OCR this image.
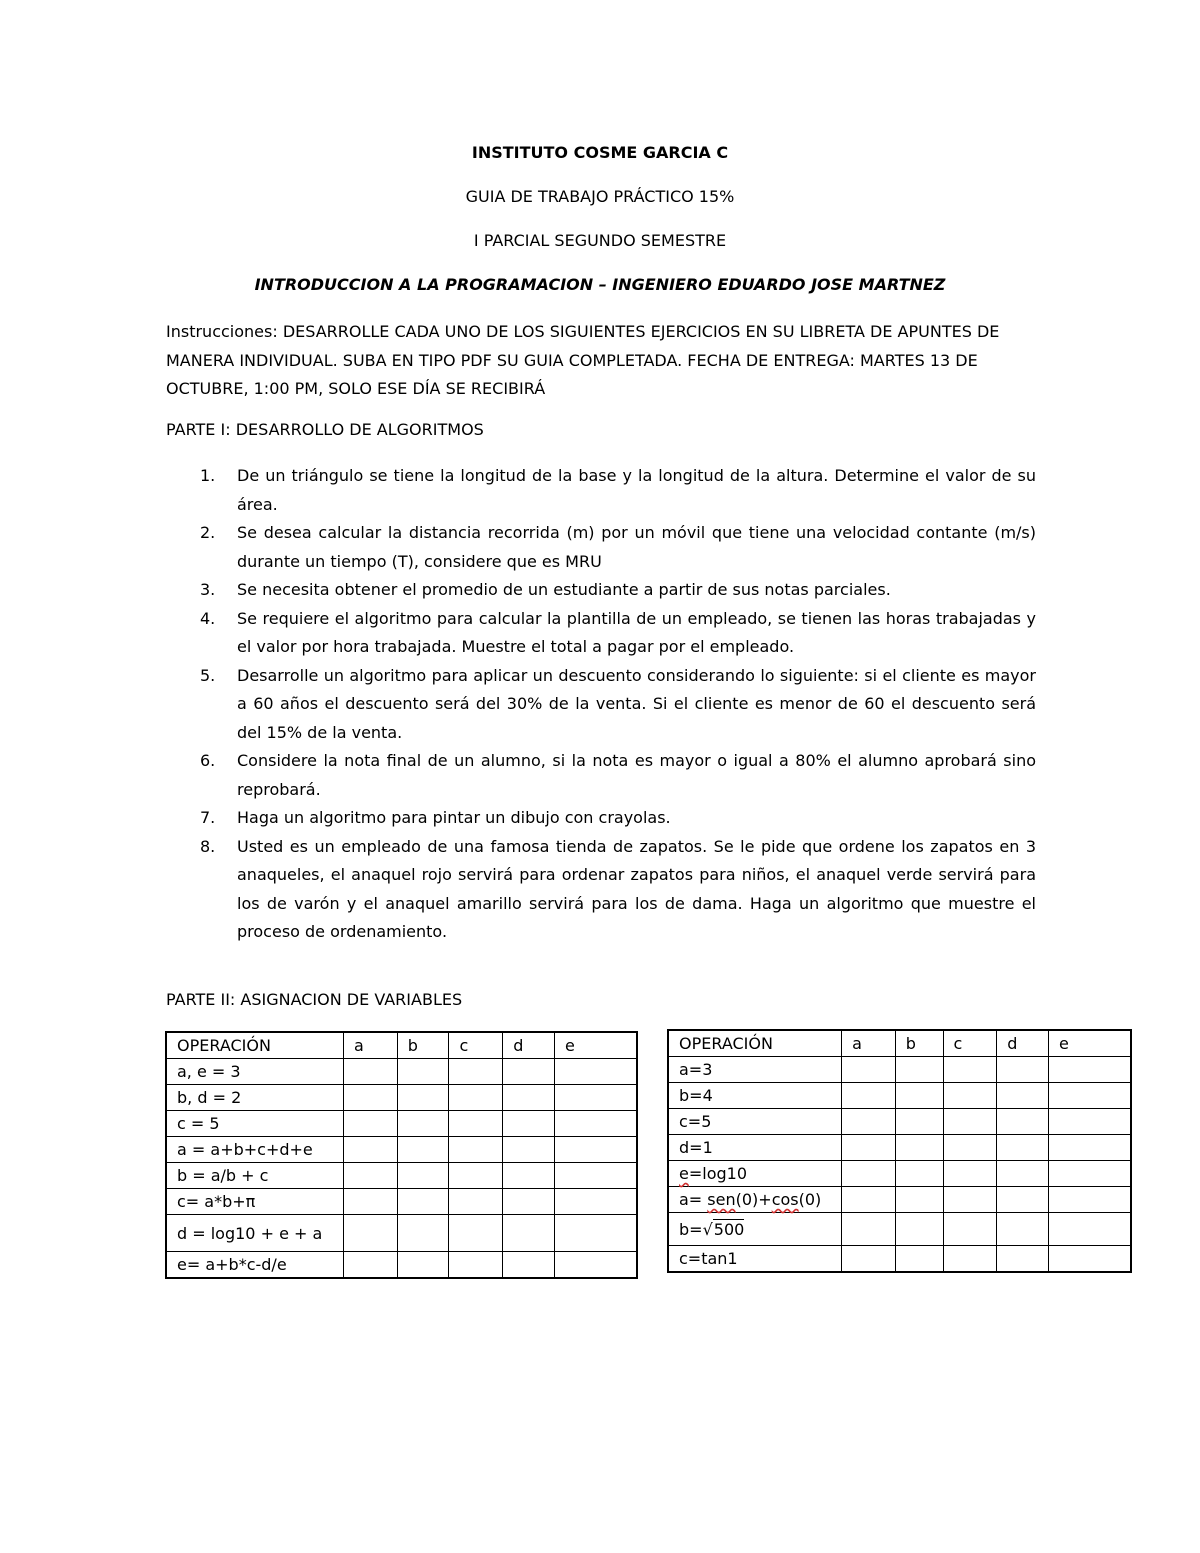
INSTITUTO COSME GARCIA C
GUIA DE TRABAJO PRÁCTICO 15%
I PARCIAL SEGUNDO SEMESTRE
INTRODUCCION A LA PROGRAMACION – INGENIERO EDUARDO JOSE MARTNEZ

Instrucciones: DESARROLLE CADA UNO DE LOS SIGUIENTES EJERCICIOS EN SU LIBRETA DE APUNTES DE MANERA INDIVIDUAL. SUBA EN TIPO PDF SU GUIA COMPLETADA. FECHA DE ENTREGA: MARTES 13 DE OCTUBRE, 1:00 PM, SOLO ESE DÍA SE RECIBIRÁ

PARTE I: DESARROLLO DE ALGORITMOS
1. De un triángulo se tiene la longitud de la base y la longitud de la altura. Determine el valor de su área.
2. Se desea calcular la distancia recorrida (m) por un móvil que tiene una velocidad contante (m/s) durante un tiempo (T), considere que es MRU
3. Se necesita obtener el promedio de un estudiante a partir de sus notas parciales.
4. Se requiere el algoritmo para calcular la plantilla de un empleado, se tienen las horas trabajadas y el valor por hora trabajada. Muestre el total a pagar por el empleado.
5. Desarrolle un algoritmo para aplicar un descuento considerando lo siguiente: si el cliente es mayor a 60 años el descuento será del 30% de la venta. Si el cliente es menor de 60 el descuento será del 15% de la venta.
6. Considere la nota final de un alumno, si la nota es mayor o igual a 80% el alumno aprobará sino reprobará.
7. Haga un algoritmo para pintar un dibujo con crayolas.
8. Usted es un empleado de una famosa tienda de zapatos. Se le pide que ordene los zapatos en 3 anaqueles, el anaquel rojo servirá para ordenar zapatos para niños, el anaquel verde servirá para los de varón y el anaquel amarillo servirá para los de dama. Haga un algoritmo que muestre el proceso de ordenamiento.
PARTE II: ASIGNACION DE VARIABLES
OPERACIÓN	a	b	c	d	e
a, e = 3					
b, d = 2					
c = 5					
a = a+b+c+d+e					
b = a/b + c					
c= a*b+π					
d = log10 + e + a					
e= a+b*c-d/e					
OPERACIÓN	a	b	c	d	e
a=3					
b=4					
c=5					
d=1					
e=log10					
a= sen(0)+cos(0)					
b=√500					
c=tan1					
